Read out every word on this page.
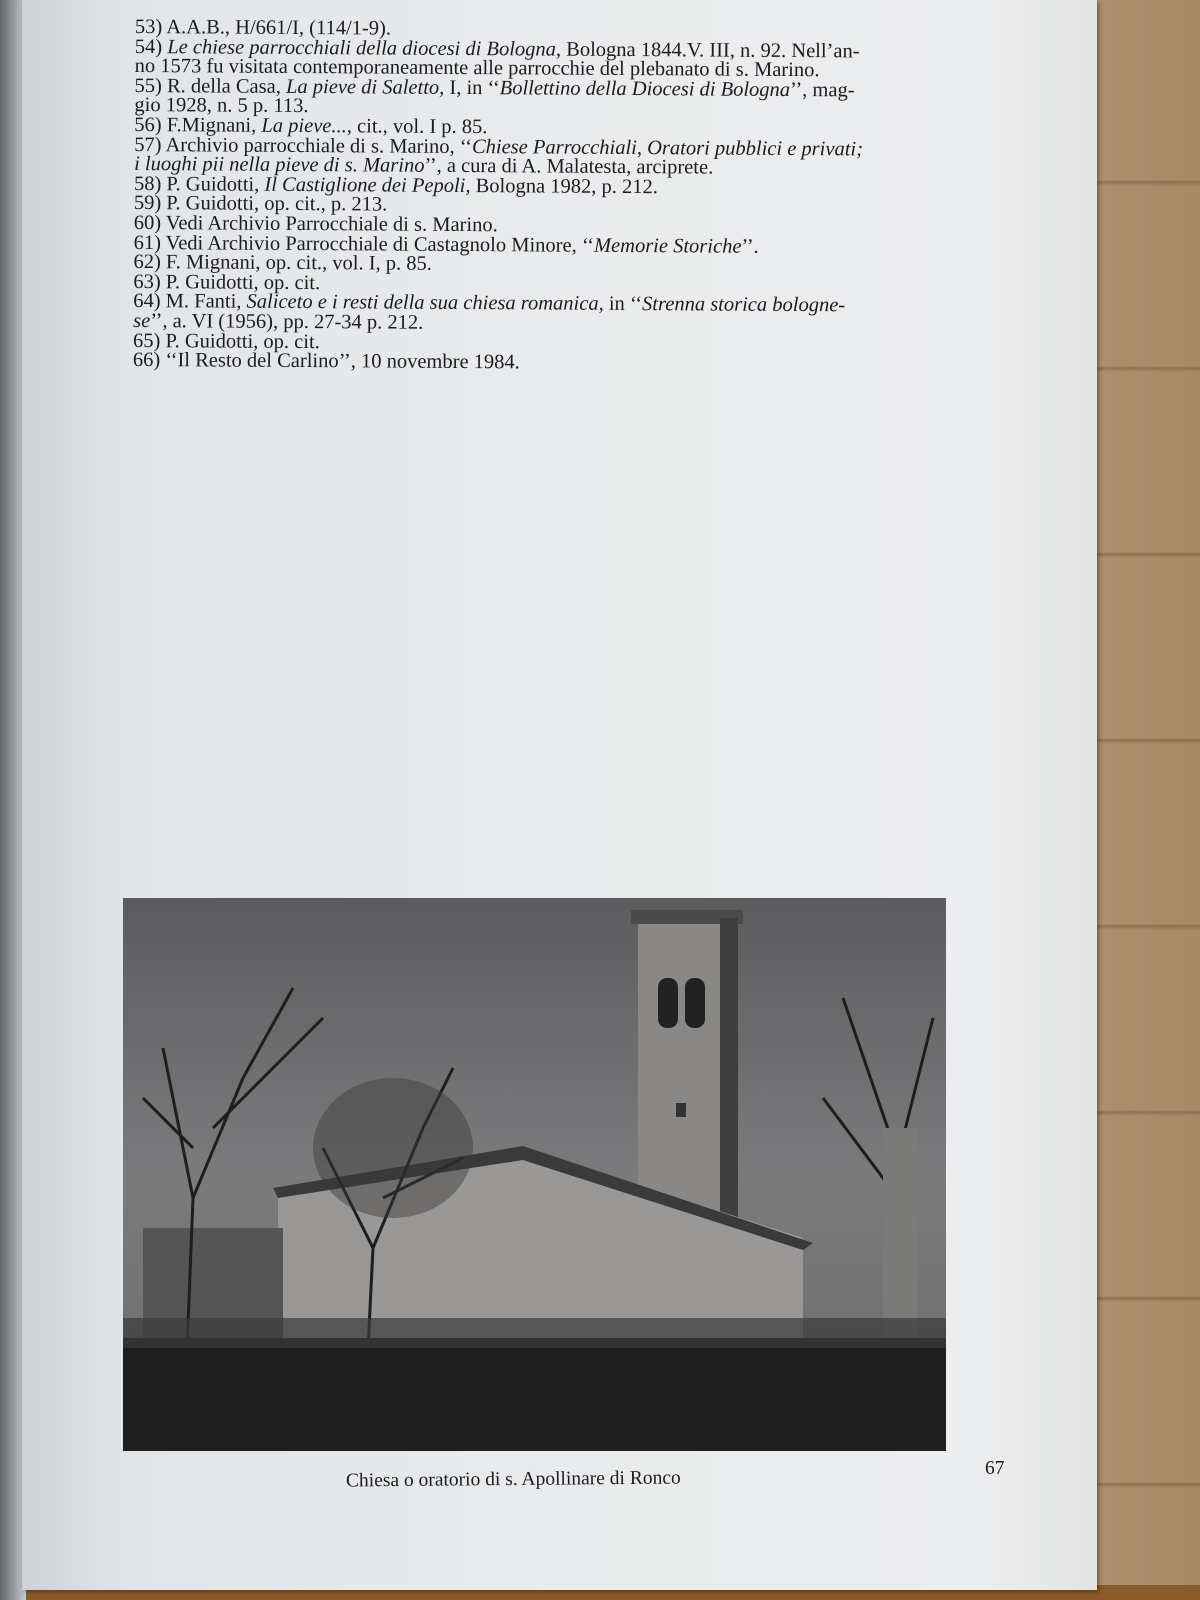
53) A.A.B., H/661/I, (114/1-9).
54) Le chiese parrocchiali della diocesi di Bologna, Bologna 1844.V. III, n. 92. Nell’an-
no 1573 fu visitata contemporaneamente alle parrocchie del plebanato di s. Marino.
55) R. della Casa, La pieve di Saletto, I, in ‘‘Bollettino della Diocesi di Bologna’’, mag-
gio 1928, n. 5 p. 113.
56) F.Mignani, La pieve..., cit., vol. I p. 85.
57) Archivio parrocchiale di s. Marino, ‘‘Chiese Parrocchiali, Oratori pubblici e privati;
i luoghi pii nella pieve di s. Marino’’, a cura di A. Malatesta, arciprete.
58) P. Guidotti, Il Castiglione dei Pepoli, Bologna 1982, p. 212.
59) P. Guidotti, op. cit., p. 213.
60) Vedi Archivio Parrocchiale di s. Marino.
61) Vedi Archivio Parrocchiale di Castagnolo Minore, ‘‘Memorie Storiche’’.
62) F. Mignani, op. cit., vol. I, p. 85.
63) P. Guidotti, op. cit.
64) M. Fanti, Saliceto e i resti della sua chiesa romanica, in ‘‘Strenna storica bologne-
se’’, a. VI (1956), pp. 27-34 p. 212.
65) P. Guidotti, op. cit.
66) ‘‘Il Resto del Carlino’’, 10 novembre 1984.
Chiesa o oratorio di s. Apollinare di Ronco	67
